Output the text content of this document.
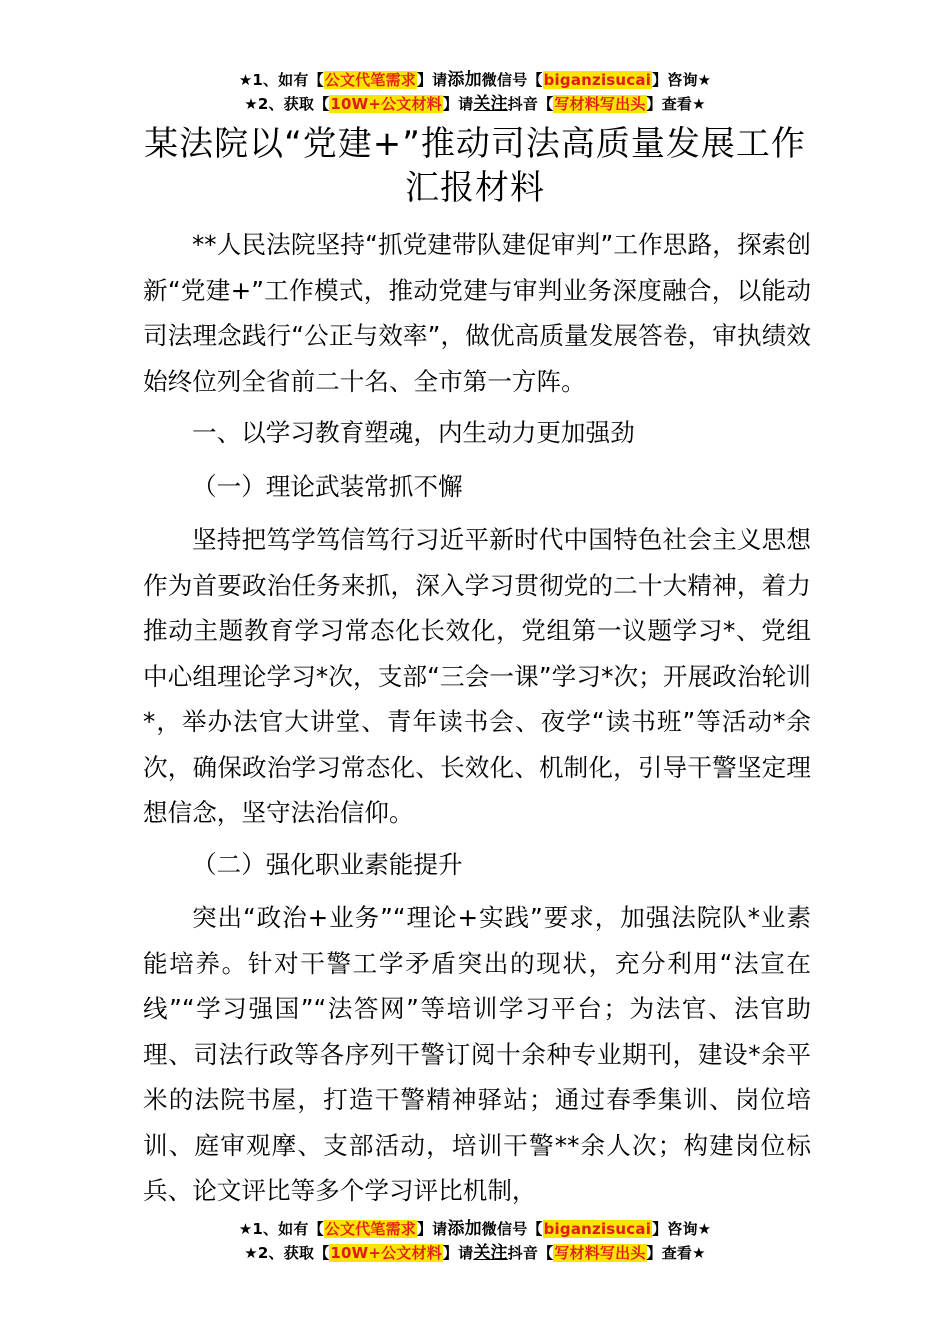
★1、如有【公文代笔需求】请添加微信号【biganzisucai】咨询★
★2、获取【10W+公文材料】请关注抖音【写材料写出头】查看★
某法院以“党建+”推动司法高质量发展工作
汇报材料

**人民法院坚持“抓党建带队建促审判”工作思路，探索创新“党建+”工作模式，推动党建与审判业务深度融合，以能动司法理念践行“公正与效率”，做优高质量发展答卷，审执绩效始终位列全省前二十名、全市第一方阵。

一、以学习教育塑魂，内生动力更加强劲

（一）理论武装常抓不懈

坚持把笃学笃信笃行习近平新时代中国特色社会主义思想作为首要政治任务来抓，深入学习贯彻党的二十大精神，着力推动主题教育学习常态化长效化，党组第一议题学习*、党组中心组理论学习*次，支部“三会一课”学习*次；开展政治轮训*，举办法官大讲堂、青年读书会、夜学“读书班”等活动*余次，确保政治学习常态化、长效化、机制化，引导干警坚定理想信念，坚守法治信仰。

（二）强化职业素能提升

突出“政治+业务”“理论+实践”要求，加强法院队*业素能培养。针对干警工学矛盾突出的现状，充分利用“法宣在线”“学习强国”“法答网”等培训学习平台；为法官、法官助理、司法行政等各序列干警订阅十余种专业期刊，建设*余平米的法院书屋，打造干警精神驿站；通过春季集训、岗位培训、庭审观摩、支部活动，培训干警**余人次；构建岗位标兵、论文评比等多个学习评比机制，

★1、如有【公文代笔需求】请添加微信号【biganzisucai】咨询★
★2、获取【10W+公文材料】请关注抖音【写材料写出头】查看★
